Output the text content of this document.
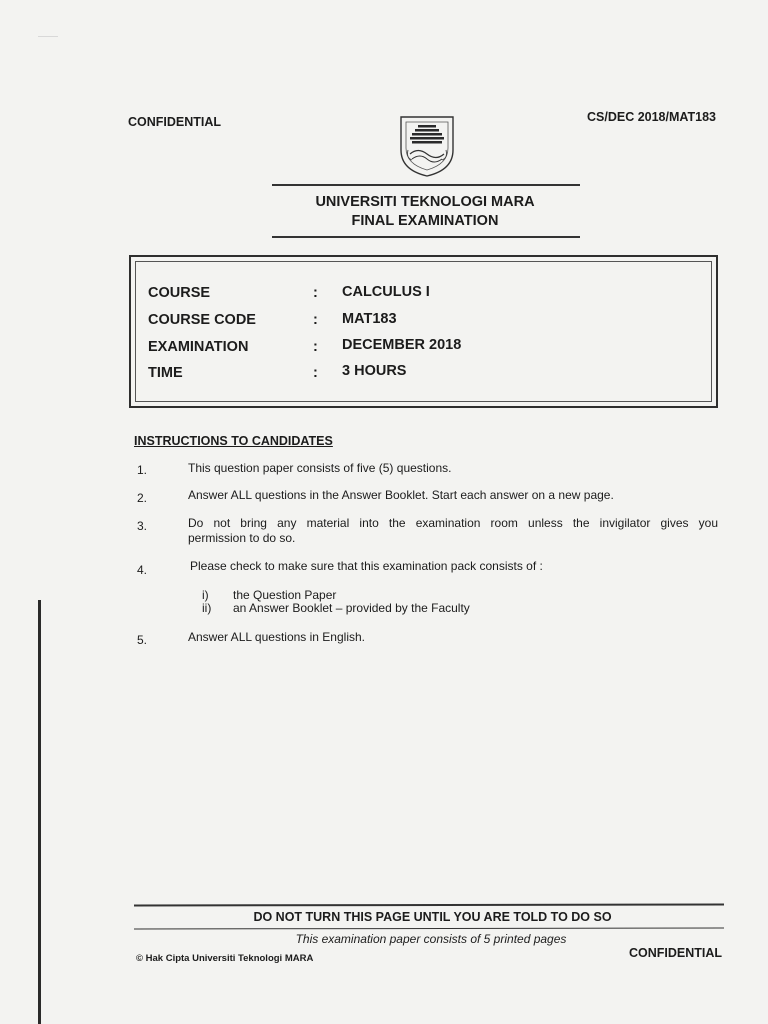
CONFIDENTIAL	CS/DEC 2018/MAT183
UNIVERSITI TEKNOLOGI MARA
FINAL EXAMINATION
COURSE	: CALCULUS I
COURSE CODE	: MAT183
EXAMINATION	: DECEMBER 2018
TIME	: 3 HOURS
INSTRUCTIONS TO CANDIDATES
1.	This question paper consists of five (5) questions.
2.	Answer ALL questions in the Answer Booklet. Start each answer on a new page.
3.	Do not bring any material into the examination room unless the invigilator gives you
permission to do so.
4.	Please check to make sure that this examination pack consists of :
i) the Question Paper
ii) an Answer Booklet – provided by the Faculty
5.	Answer ALL questions in English.
DO NOT TURN THIS PAGE UNTIL YOU ARE TOLD TO DO SO
This examination paper consists of 5 printed pages
© Hak Cipta Universiti Teknologi MARA	CONFIDENTIAL
